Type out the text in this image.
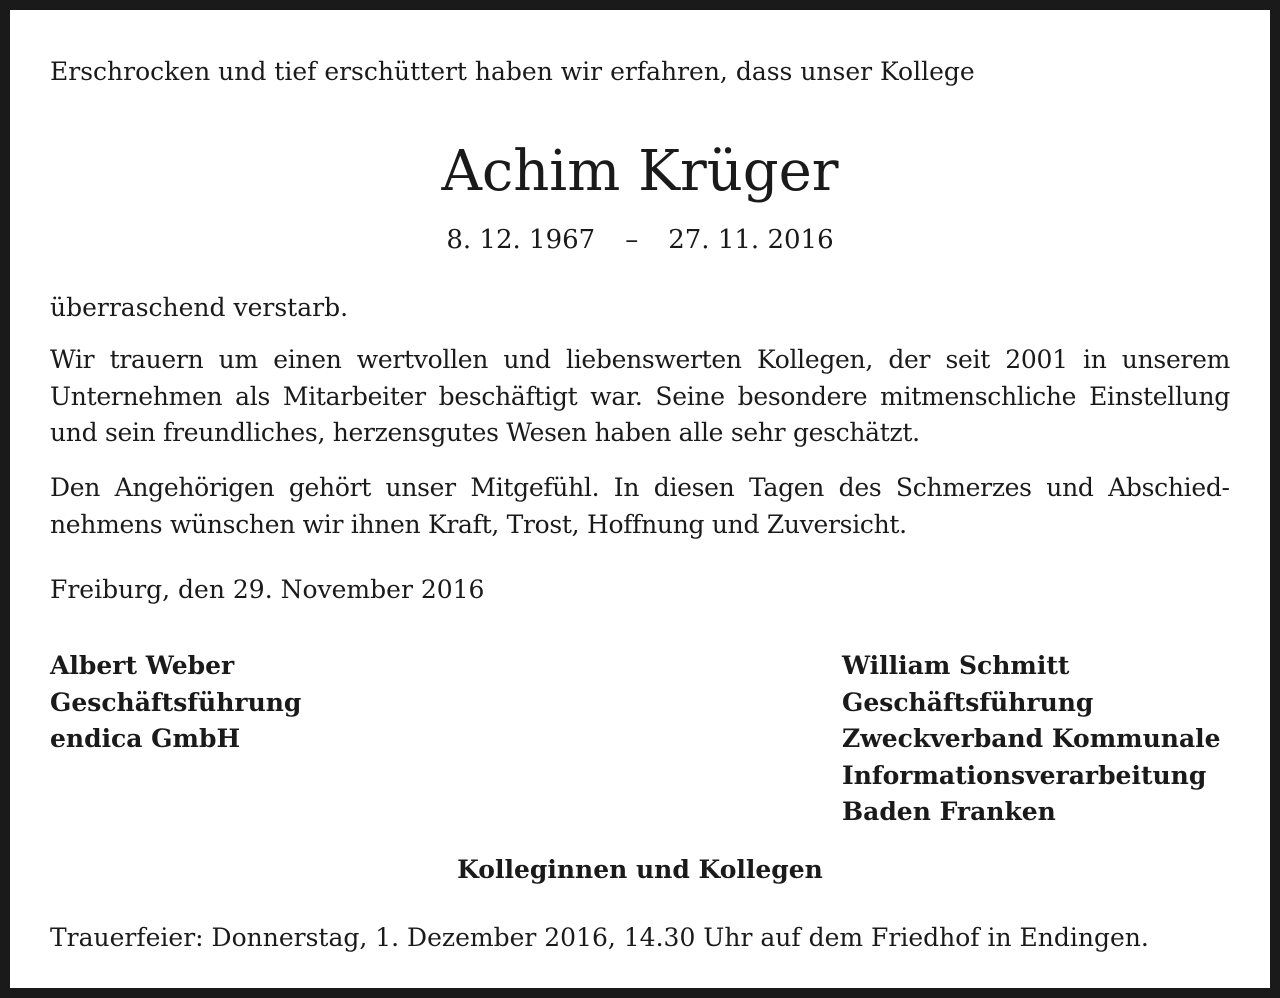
Erschrocken und tief erschüttert haben wir erfahren, dass unser Kollege
Achim Krüger
8. 12. 1967 – 27. 11. 2016
überraschend verstarb.

Wir trauern um einen wertvollen und liebenswerten Kollegen, der seit 2001 in unserem Unternehmen als Mitarbeiter beschäftigt war. Seine besondere mitmenschliche Einstellung und sein freundliches, herzensgutes Wesen haben alle sehr geschätzt.

Den Angehörigen gehört unser Mitgefühl. In diesen Tagen des Schmerzes und Abschiednehmens wünschen wir ihnen Kraft, Trost, Hoffnung und Zuversicht.

Freiburg, den 29. November 2016
Albert Weber
Geschäftsführung
endica GmbH
William Schmitt
Geschäftsführung
Zweckverband Kommunale
Informationsverarbeitung
Baden Franken
Kolleginnen und Kollegen
Trauerfeier: Donnerstag, 1. Dezember 2016, 14.30 Uhr auf dem Friedhof in Endingen.
